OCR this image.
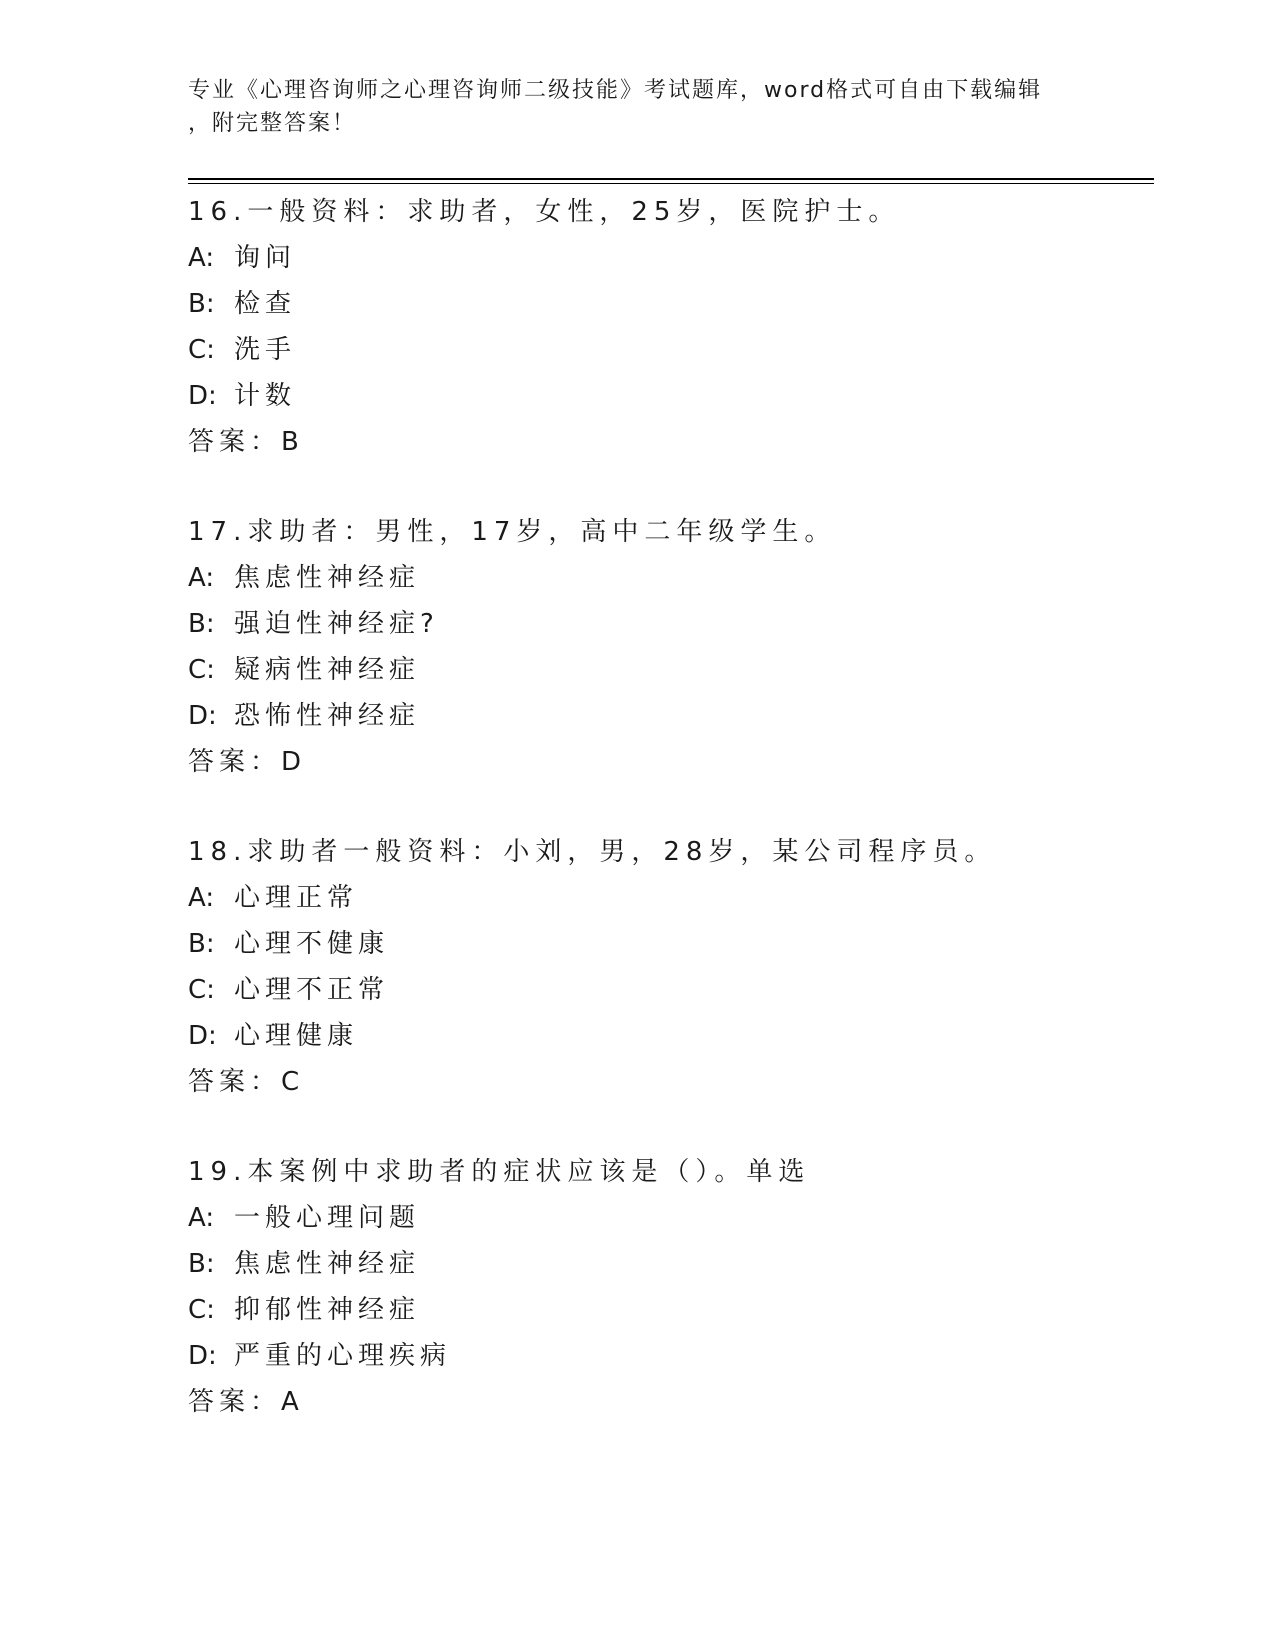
专业《心理咨询师之心理咨询师二级技能》考试题库，word格式可自由下载编辑
，附完整答案！
16.一般资料：求助者，女性，25岁，医院护士。
A: 询问
B: 检查
C: 洗手
D: 计数
答案：B
17.求助者：男性，17岁，高中二年级学生。
A: 焦虑性神经症
B: 强迫性神经症?
C: 疑病性神经症
D: 恐怖性神经症
答案：D
18.求助者一般资料：小刘，男，28岁，某公司程序员。
A: 心理正常
B: 心理不健康
C: 心理不正常
D: 心理健康
答案：C
19.本案例中求助者的症状应该是（）。单选
A: 一般心理问题
B: 焦虑性神经症
C: 抑郁性神经症
D: 严重的心理疾病
答案：A
